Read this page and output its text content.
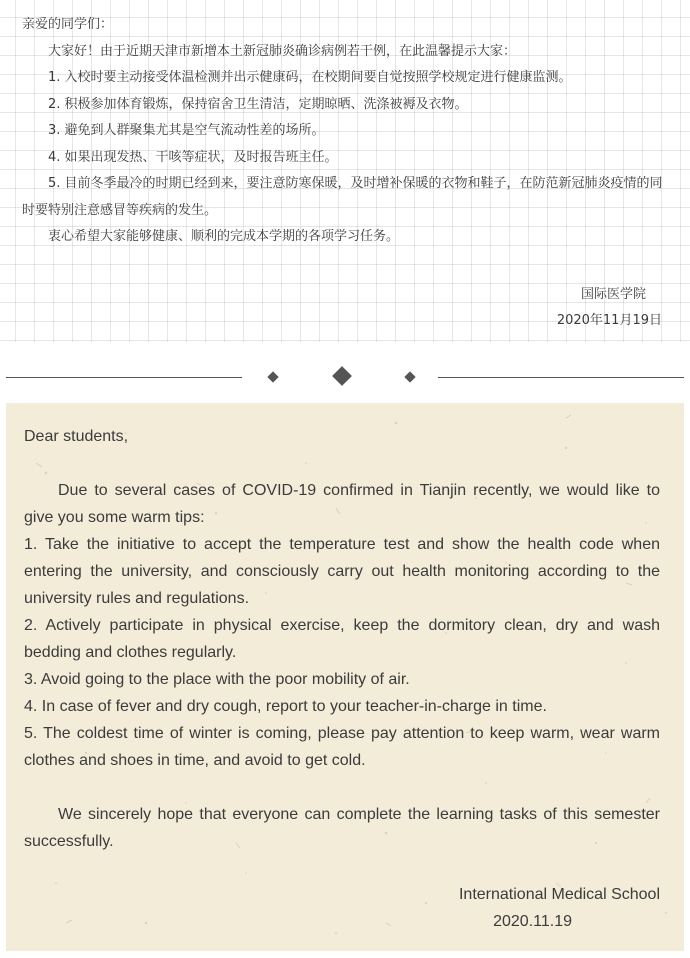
亲爱的同学们：

大家好！由于近期天津市新增本土新冠肺炎确诊病例若干例，在此温馨提示大家：

1. 入校时要主动接受体温检测并出示健康码，在校期间要自觉按照学校规定进行健康监测。

2. 积极参加体育锻炼，保持宿舍卫生清洁，定期晾晒、洗涤被褥及衣物。

3. 避免到人群聚集尤其是空气流动性差的场所。

4. 如果出现发热、干咳等症状，及时报告班主任。

5. 目前冬季最冷的时期已经到来，要注意防寒保暖，及时增补保暖的衣物和鞋子，在防范新冠肺炎疫情的同时要特别注意感冒等疾病的发生。

衷心希望大家能够健康、顺利的完成本学期的各项学习任务。

国际医学院
2020年11月19日

Dear students,

Due to several cases of COVID-19 confirmed in Tianjin recently, we would like to give you some warm tips:

1. Take the initiative to accept the temperature test and show the health code when entering the university, and consciously carry out health monitoring according to the university rules and regulations.

2. Actively participate in physical exercise, keep the dormitory clean, dry and wash bedding and clothes regularly.

3. Avoid going to the place with the poor mobility of air.

4. In case of fever and dry cough, report to your teacher-in-charge in time.

5. The coldest time of winter is coming, please pay attention to keep warm, wear warm clothes and shoes in time, and avoid to get cold.

We sincerely hope that everyone can complete the learning tasks of this semester successfully.

International Medical School
2020.11.19
